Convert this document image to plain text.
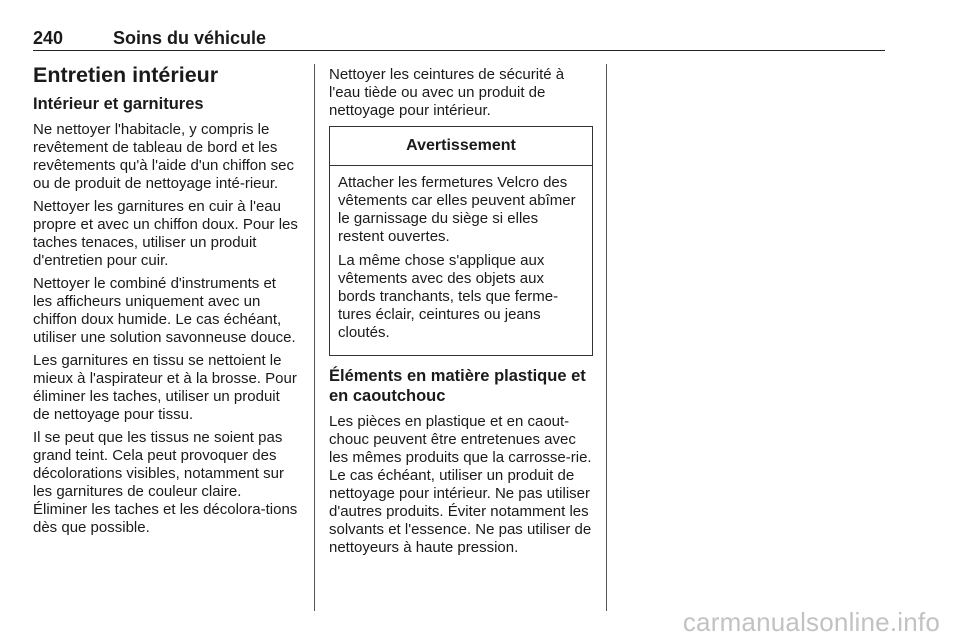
240	Soins du véhicule
Entretien intérieur
Intérieur et garnitures

Ne nettoyer l'habitacle, y compris le revêtement de tableau de bord et les revêtements qu'à l'aide d'un chiffon sec ou de produit de nettoyage inté-rieur.

Nettoyer les garnitures en cuir à l'eau propre et avec un chiffon doux. Pour les taches tenaces, utiliser un produit d'entretien pour cuir.

Nettoyer le combiné d'instruments et les afficheurs uniquement avec un chiffon doux humide. Le cas échéant, utiliser une solution savonneuse douce.

Les garnitures en tissu se nettoient le mieux à l'aspirateur et à la brosse. Pour éliminer les taches, utiliser un produit de nettoyage pour tissu.

Il se peut que les tissus ne soient pas grand teint. Cela peut provoquer des décolorations visibles, notamment sur les garnitures de couleur claire. Éliminer les taches et les décolora-tions dès que possible.

Nettoyer les ceintures de sécurité à l'eau tiède ou avec un produit de nettoyage pour intérieur.

Avertissement

Attacher les fermetures Velcro des vêtements car elles peuvent abîmer le garnissage du siège si elles restent ouvertes.

La même chose s'applique aux vêtements avec des objets aux bords tranchants, tels que ferme-tures éclair, ceintures ou jeans cloutés.

Éléments en matière plastique et en caoutchouc

Les pièces en plastique et en caout-chouc peuvent être entretenues avec les mêmes produits que la carrosse-rie. Le cas échéant, utiliser un produit de nettoyage pour intérieur. Ne pas utiliser d'autres produits. Éviter notamment les solvants et l'essence. Ne pas utiliser de nettoyeurs à haute pression.

carmanualsonline.info
